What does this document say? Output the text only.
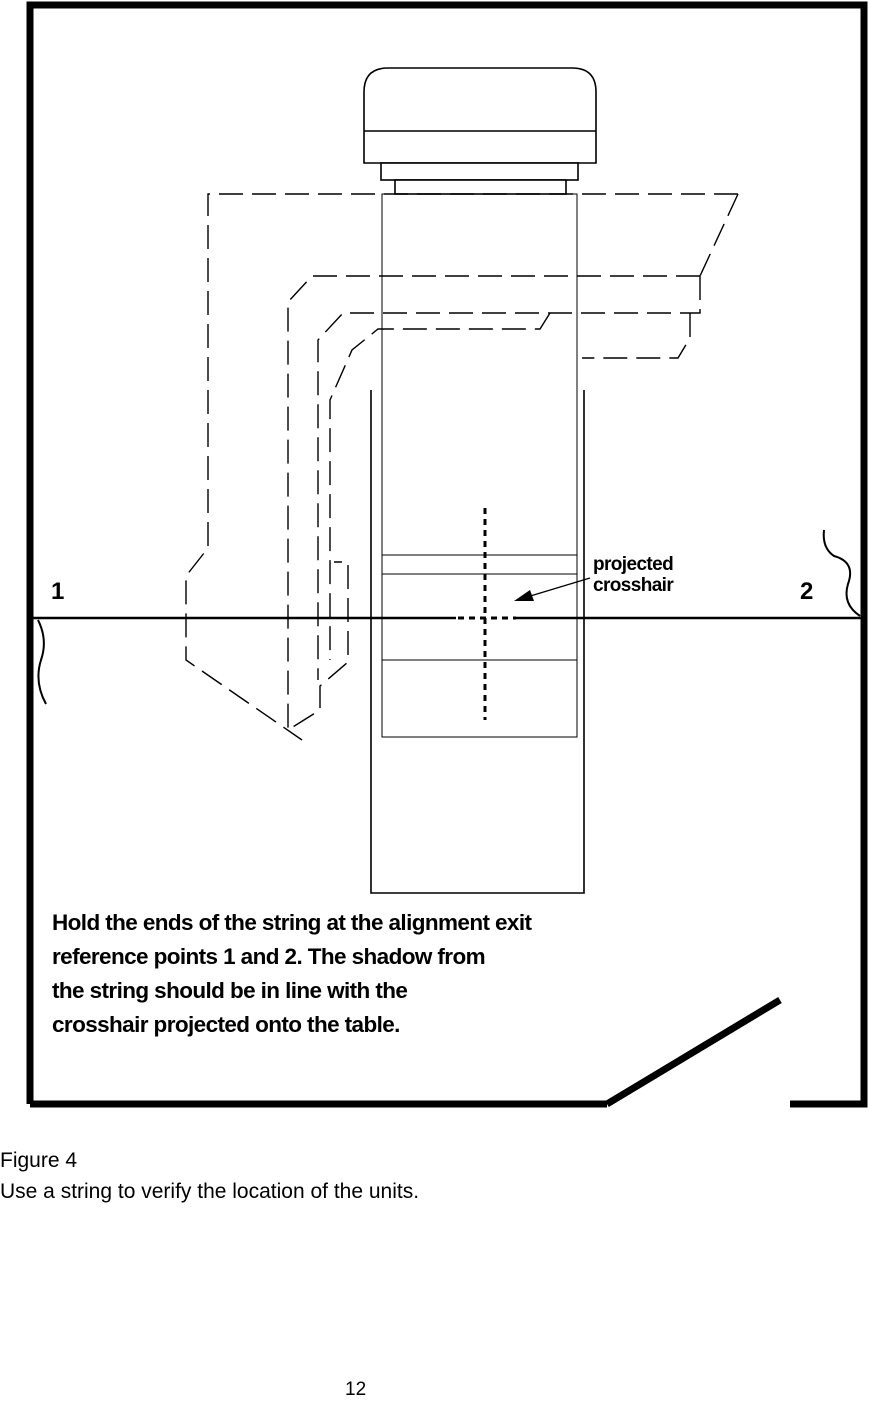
1	2
projected
crosshair
Hold the ends of the string at the alignment exit
reference points 1 and 2. The shadow from
the string should be in line with the
crosshair projected onto the table.
Figure 4
Use a string to verify the location of the units.
12
